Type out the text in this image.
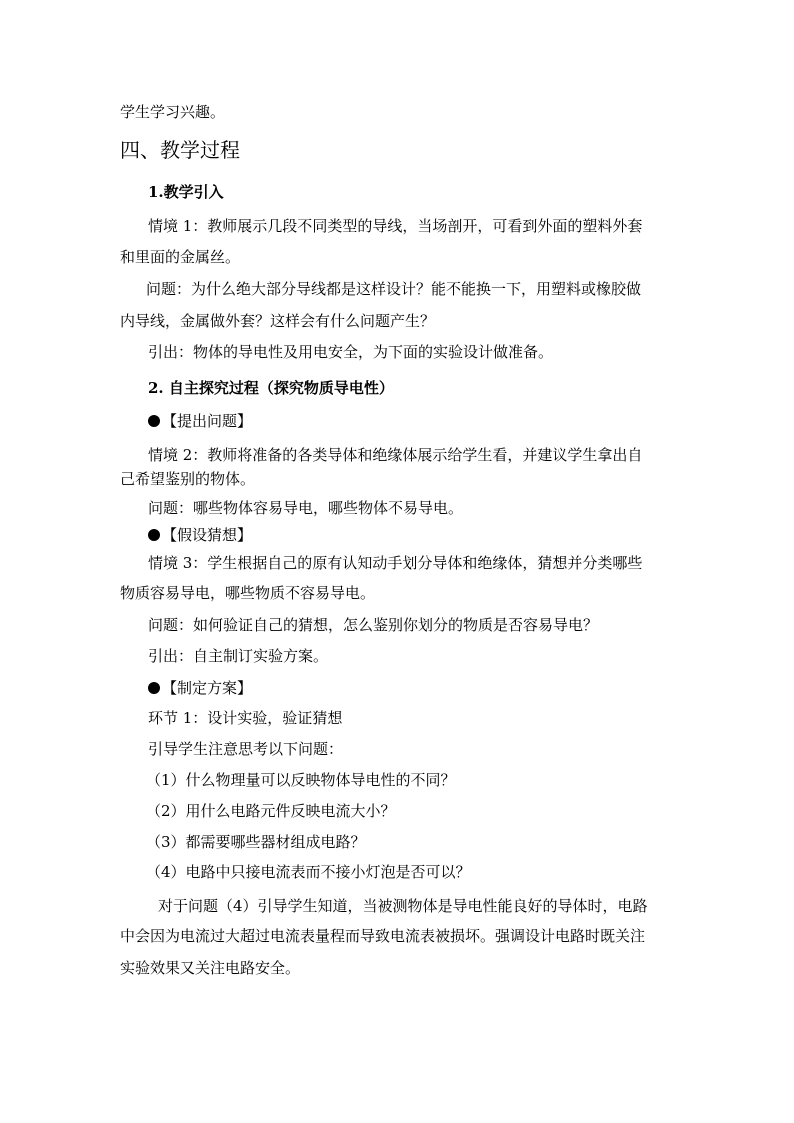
学生学习兴趣。
四、教学过程
1.教学引入
情境 1：教师展示几段不同类型的导线，当场剖开，可看到外面的塑料外套
和里面的金属丝。
问题：为什么绝大部分导线都是这样设计？能不能换一下，用塑料或橡胶做
内导线，金属做外套？这样会有什么问题产生？
引出：物体的导电性及用电安全，为下面的实验设计做准备。
2. 自主探究过程（探究物质导电性）
【提出问题】
情境 2：教师将准备的各类导体和绝缘体展示给学生看，并建议学生拿出自
己希望鉴别的物体。
问题：哪些物体容易导电，哪些物体不易导电。
【假设猜想】
情境 3：学生根据自己的原有认知动手划分导体和绝缘体，猜想并分类哪些
物质容易导电，哪些物质不容易导电。
问题：如何验证自己的猜想，怎么鉴别你划分的物质是否容易导电？
引出：自主制订实验方案。
【制定方案】
环节 1：设计实验，验证猜想
引导学生注意思考以下问题：
（1）什么物理量可以反映物体导电性的不同？
（2）用什么电路元件反映电流大小？
（3）都需要哪些器材组成电路？
（4）电路中只接电流表而不接小灯泡是否可以？
对于问题（4）引导学生知道，当被测物体是导电性能良好的导体时，电路
中会因为电流过大超过电流表量程而导致电流表被损坏。强调设计电路时既关注
实验效果又关注电路安全。
